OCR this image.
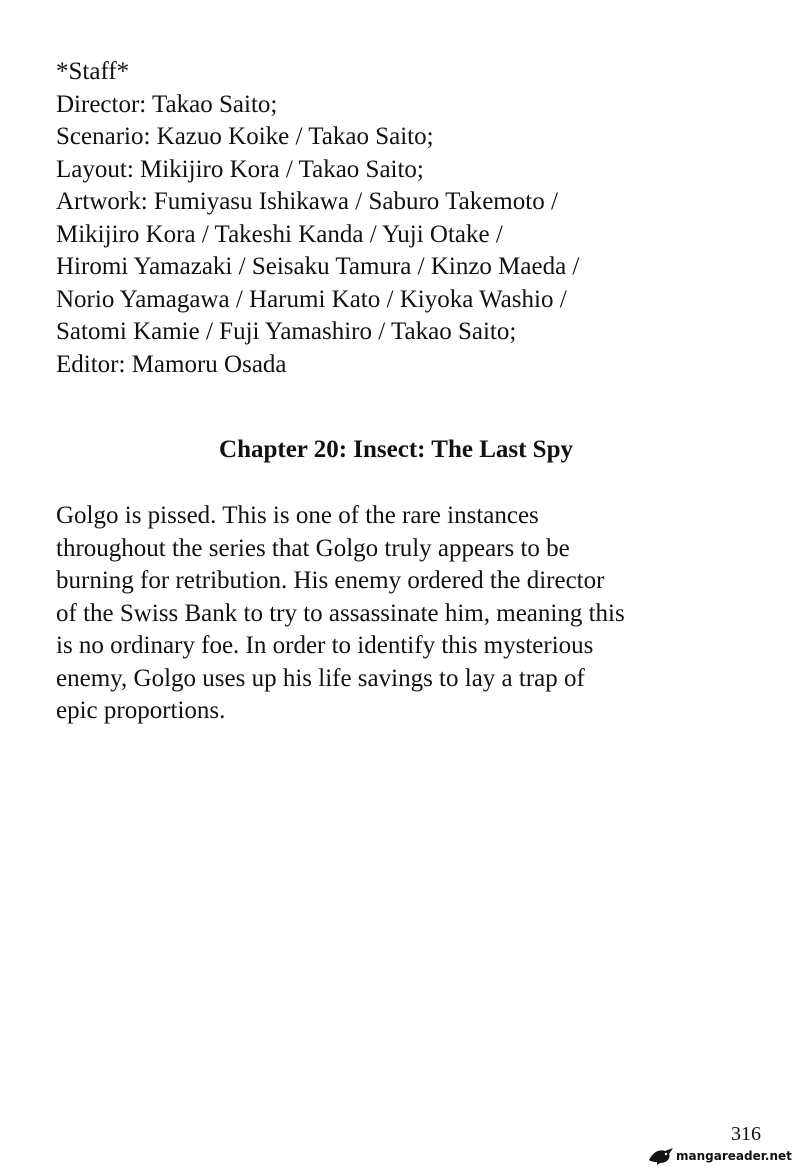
*Staff*
Director: Takao Saito;
Scenario: Kazuo Koike / Takao Saito;
Layout: Mikijiro Kora / Takao Saito;
Artwork: Fumiyasu Ishikawa / Saburo Takemoto /
Mikijiro Kora / Takeshi Kanda / Yuji Otake /
Hiromi Yamazaki / Seisaku Tamura / Kinzo Maeda /
Norio Yamagawa / Harumi Kato / Kiyoka Washio /
Satomi Kamie / Fuji Yamashiro / Takao Saito;
Editor: Mamoru Osada
Chapter 20: Insect: The Last Spy
Golgo is pissed. This is one of the rare instances
throughout the series that Golgo truly appears to be
burning for retribution. His enemy ordered the director
of the Swiss Bank to try to assassinate him, meaning this
is no ordinary foe. In order to identify this mysterious
enemy, Golgo uses up his life savings to lay a trap of
epic proportions.
316
mangareader.net
